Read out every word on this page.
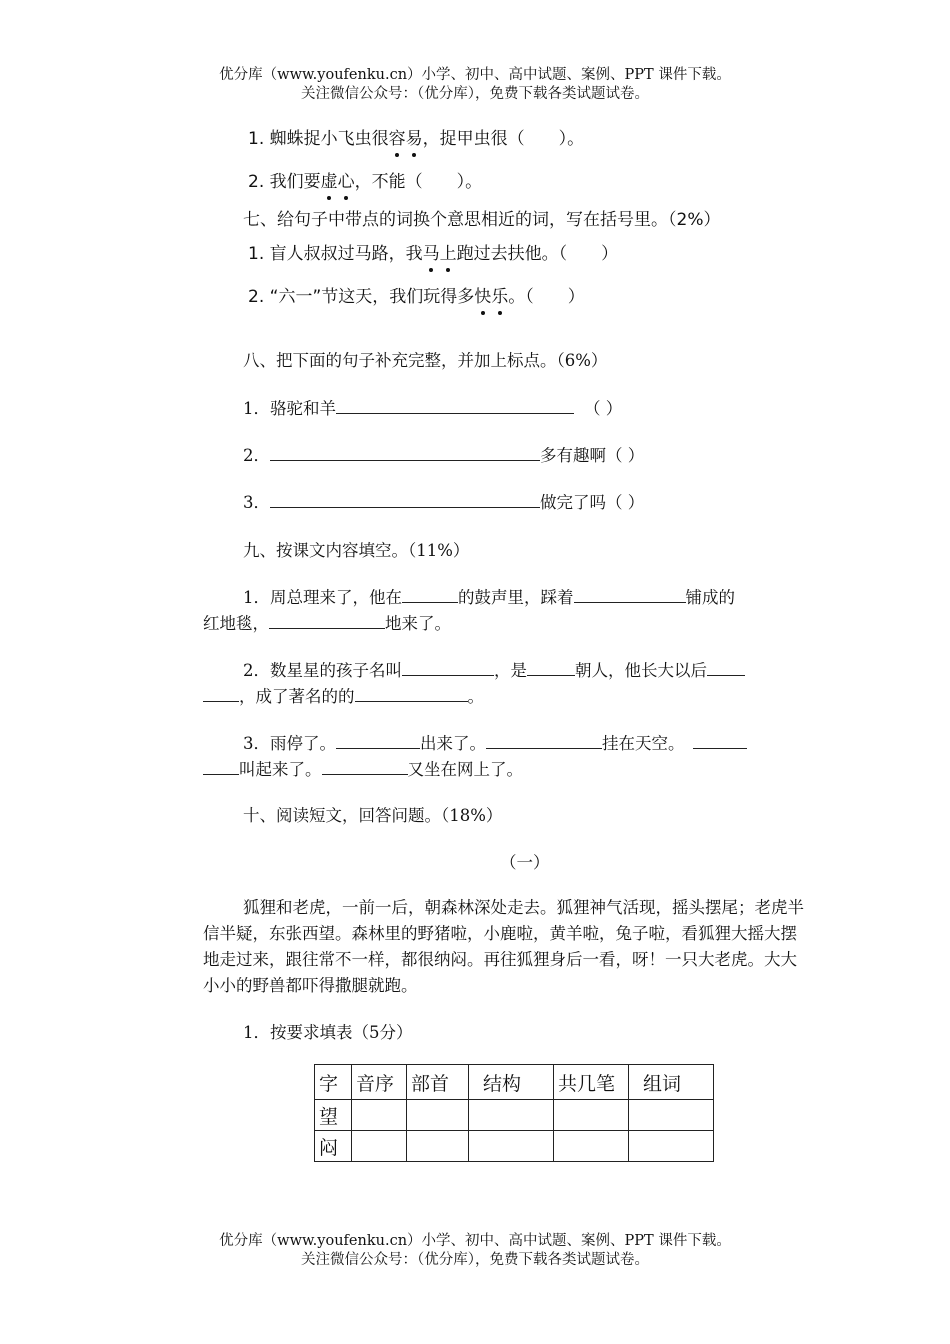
优分库（www.youfenku.cn）小学、初中、高中试题、案例、PPT 课件下载。
关注微信公众号：（优分库），免费下载各类试题试卷。
1. 蜘蛛捉小飞虫很容易，捉甲虫很（　　）。
2. 我们要虚心，不能（　　）。
七、给句子中带点的词换个意思相近的词，写在括号里。（2%）
1. 盲人叔叔过马路，我马上跑过去扶他。（　　）
2. “六一”节这天，我们玩得多快乐。（　　）
八、把下面的句子补充完整，并加上标点。（6%）
1．骆驼和羊	（ ）
2．	多有趣啊（ ）
3．	做完了吗（ ）
九、按课文内容填空。（11%）
1．周总理来了，他在	的鼓声里，踩着	铺成的
红地毯，	地来了。
2．数星星的孩子名叫	，是	朝人，他长大以后
，成了著名的的	。
3．雨停了。	出来了。	挂在天空。
叫起来了。	又坐在网上了。
十、阅读短文，回答问题。（18%）
（一）
狐狸和老虎，一前一后，朝森林深处走去。狐狸神气活现，摇头摆尾；老虎半信半疑，东张西望。森林里的野猪啦，小鹿啦，黄羊啦，兔子啦，看狐狸大摇大摆地走过来，跟往常不一样，都很纳闷。再往狐狸身后一看，呀！一只大老虎。大大小小的野兽都吓得撒腿就跑。
1．按要求填表（5分）
字	音序	部首	结构	共几笔	组词
望					
闷					
优分库（www.youfenku.cn）小学、初中、高中试题、案例、PPT 课件下载。
关注微信公众号：（优分库），免费下载各类试题试卷。
